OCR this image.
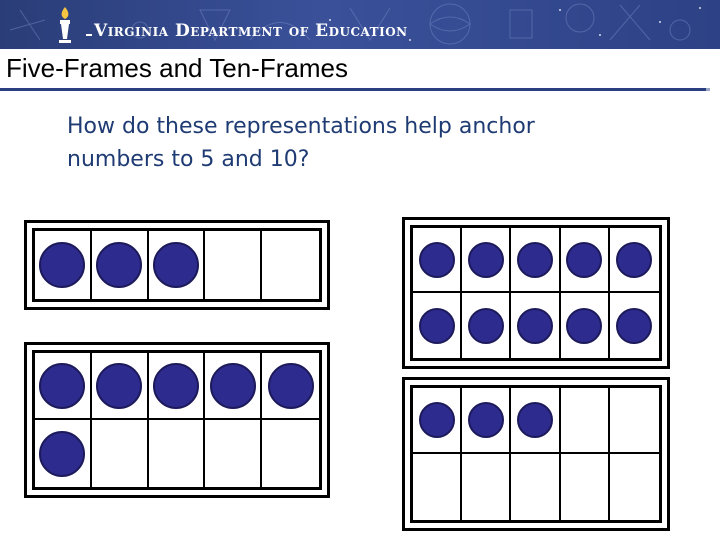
Virginia Department of Education
Five-Frames and Ten-Frames
How do these representations help anchor numbers to 5 and 10?
